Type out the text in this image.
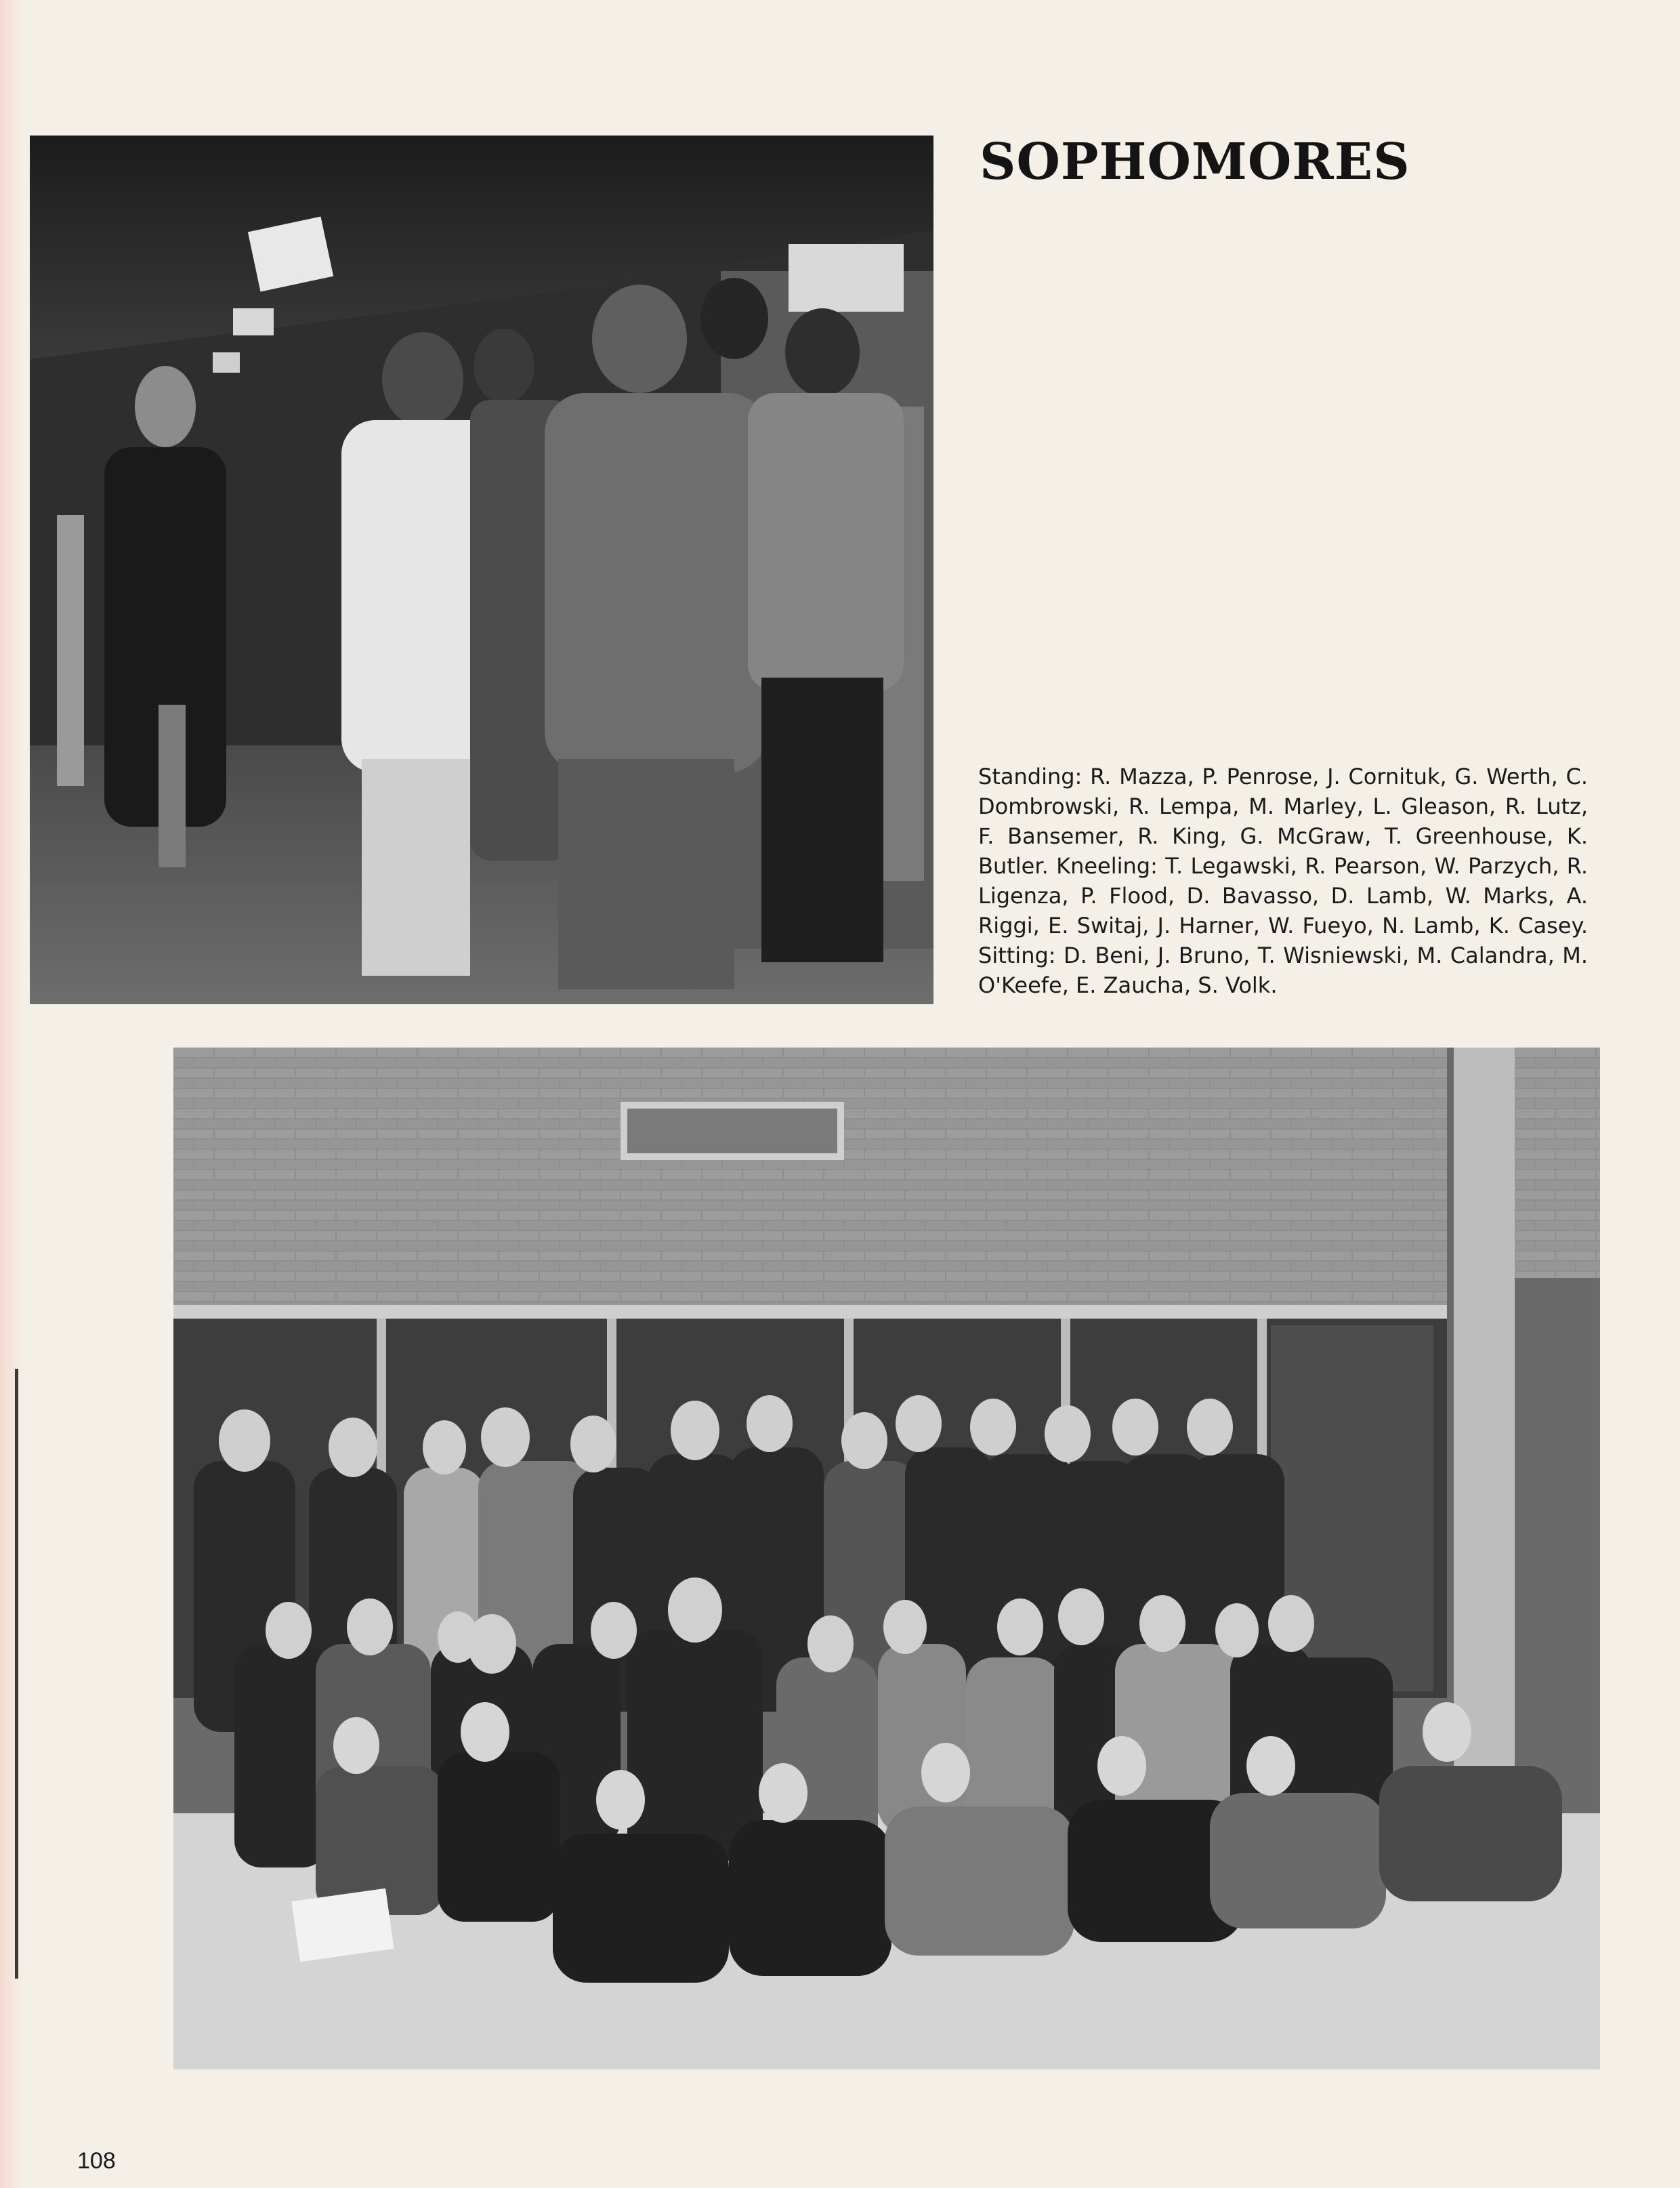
SOPHOMORES

Standing: R. Mazza, P. Penrose, J. Cornituk, G. Werth, C. Dombrowski, R. Lempa, M. Marley, L. Gleason, R. Lutz, F. Bansemer, R. King, G. McGraw, T. Greenhouse, K. Butler. Kneeling: T. Legawski, R. Pearson, W. Parzych, R. Ligenza, P. Flood, D. Bavasso, D. Lamb, W. Marks, A. Riggi, E. Switaj, J. Harner, W. Fueyo, N. Lamb, K. Casey. Sitting: D. Beni, J. Bruno, T. Wisniewski, M. Calandra, M. O'Keefe, E. Zaucha, S. Volk.

108
